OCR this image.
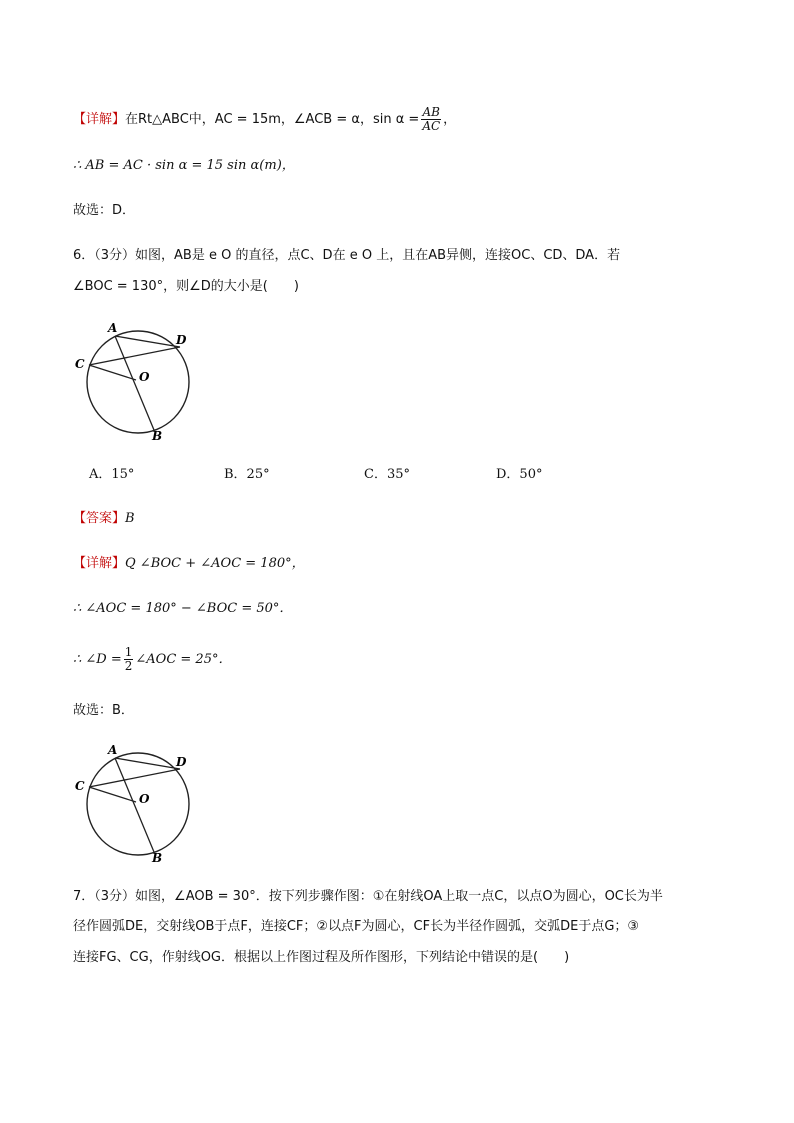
【详解】在Rt△ABC中，AC = 15m，∠ACB = α，$\sin \alpha = \frac{AB}{AC}$ ，
∴ AB = AC · sin α = 15 sin α(m)，
故选：D．
6．（3分）如图，AB是 e O 的直径，点C、D在 e O 上，且在AB异侧，连接OC、CD、DA．若
∠BOC = 130°，则∠D的大小是(　　)
A
D
C
O
B
A．15°	B．25°	C．35°	D．50°
【答案】B
【详解】Q ∠BOC + ∠AOC = 180°，
∴ ∠AOC = 180° − ∠BOC = 50°．
∴ ∠D = $\frac{1}{2}$ ∠AOC = 25°．
故选：B．
A
D
C
O
B
7．（3分）如图，∠AOB = 30°．按下列步骤作图：①在射线OA上取一点C，以点O为圆心，OC长为半
径作圆弧DE，交射线OB于点F，连接CF；②以点F为圆心，CF长为半径作圆弧，交弧DE于点G；③
连接FG、CG，作射线OG．根据以上作图过程及所作图形，下列结论中错误的是(　　)
